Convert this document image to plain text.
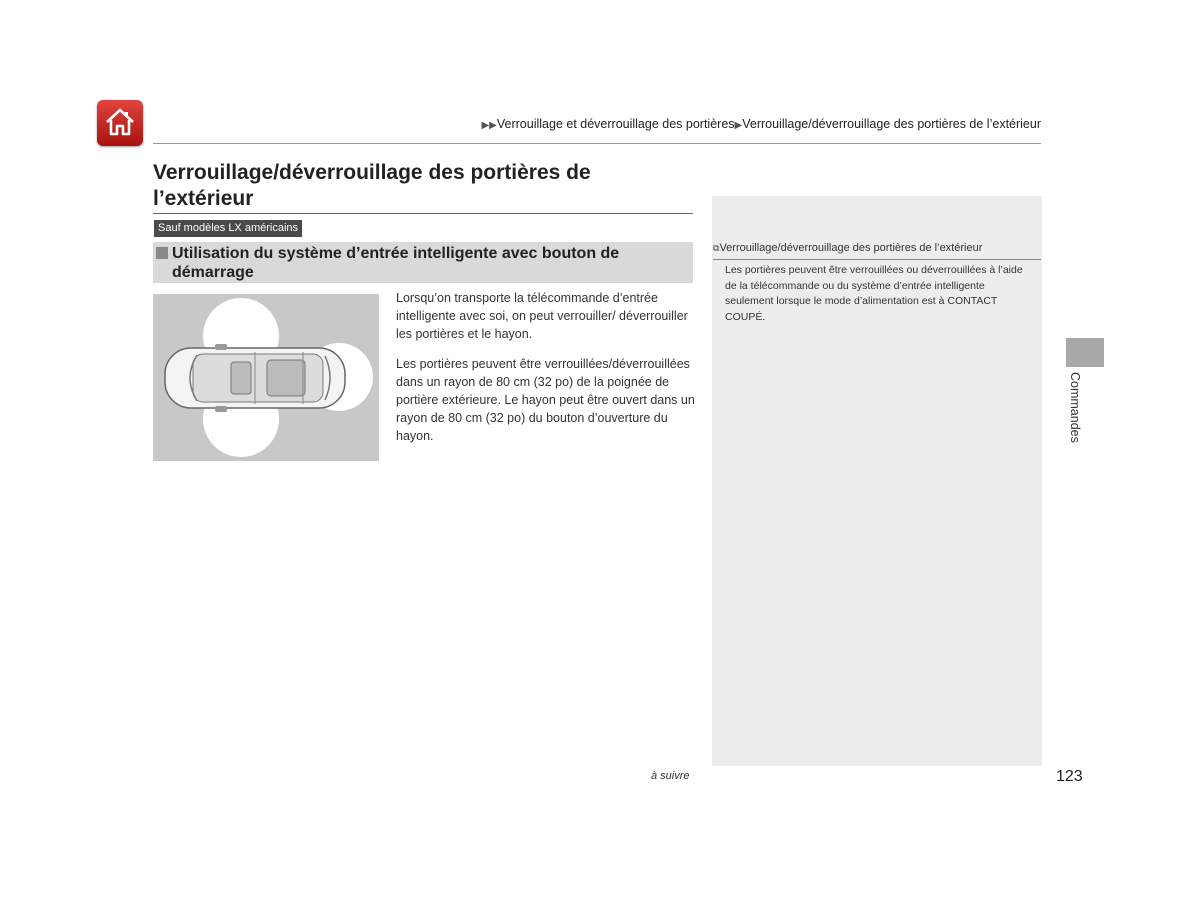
▶▶Verrouillage et déverrouillage des portières▶Verrouillage/déverrouillage des portières de l’extérieur
Verrouillage/déverrouillage des portières de l’extérieur
Sauf modèles LX américains
Utilisation du système d’entrée intelligente avec bouton de démarrage

Lorsqu’on transporte la télécommande d’entrée intelligente avec soi, on peut verrouiller/ déverrouiller les portières et le hayon.

Les portières peuvent être verrouillées/déverrouillées dans un rayon de 80 cm (32 po) de la poignée de portière extérieure. Le hayon peut être ouvert dans un rayon de 80 cm (32 po) du bouton d’ouverture du hayon.

⧉Verrouillage/déverrouillage des portières de l’extérieur
Les portières peuvent être verrouillées ou déverrouillées à l’aide de la télécommande ou du système d’entrée intelligente seulement lorsque le mode d’alimentation est à CONTACT COUPÉ.
Commandes
à suivre	123
